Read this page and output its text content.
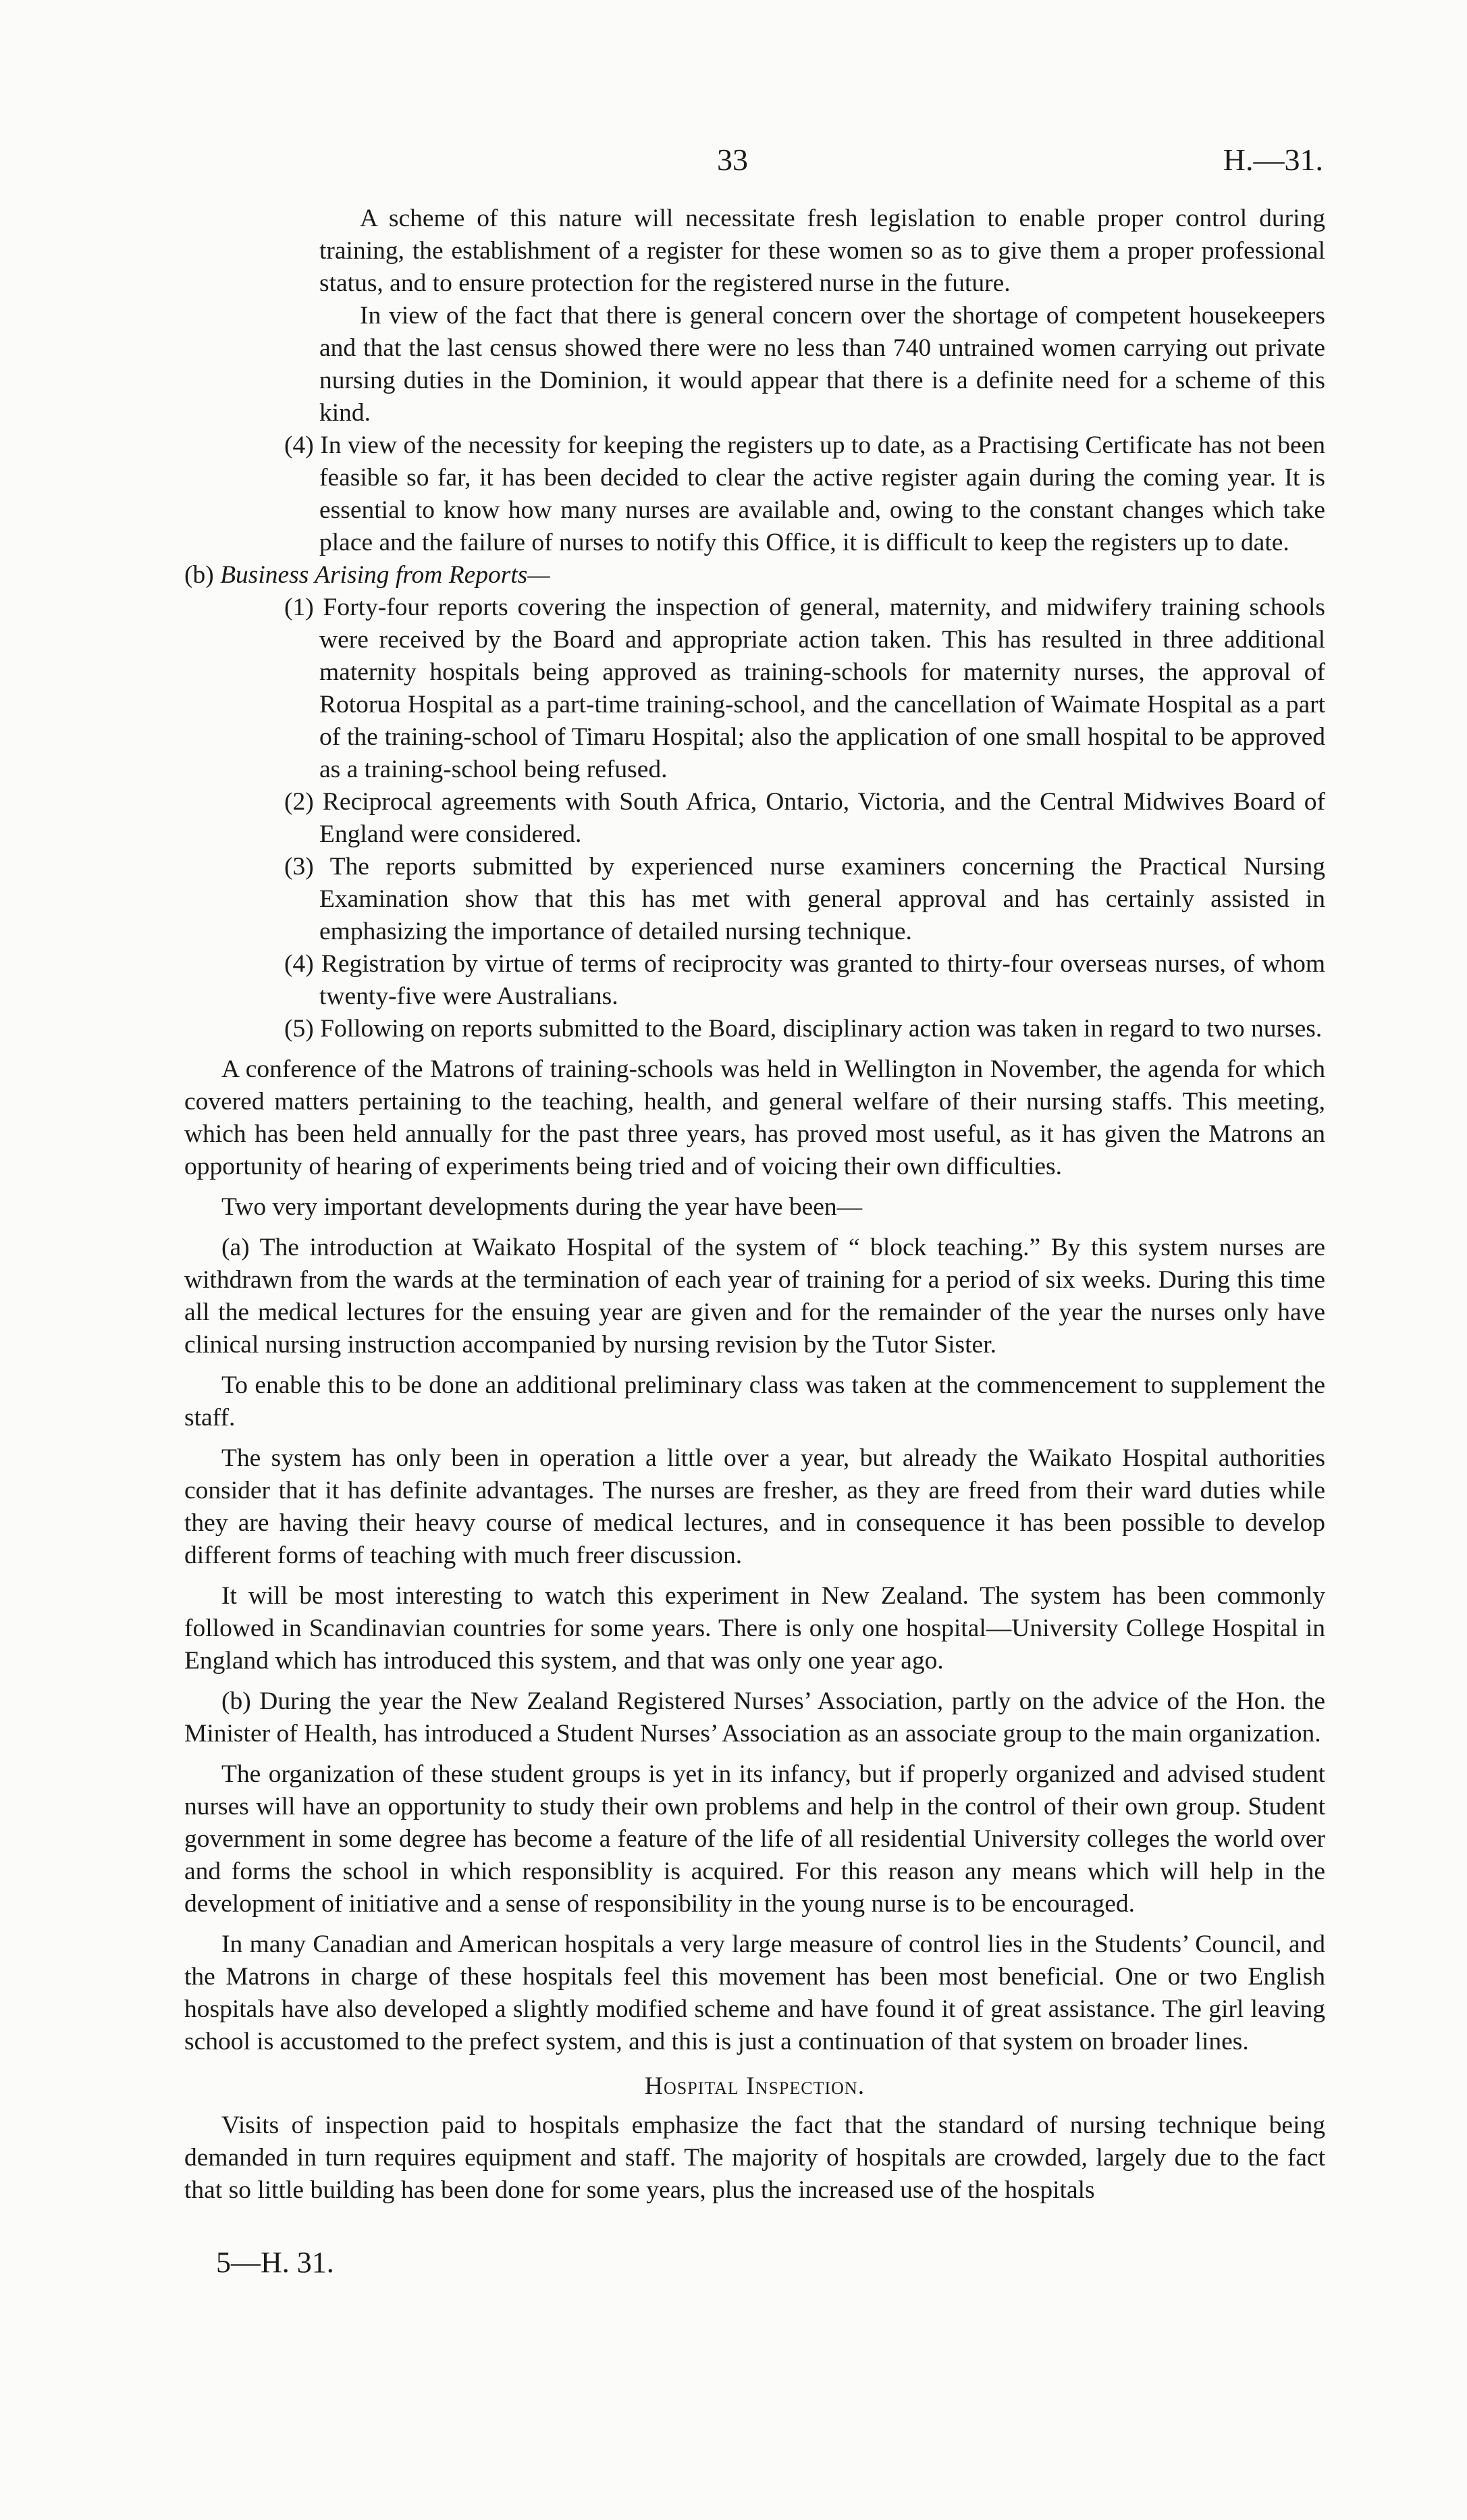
33	H.—31.

A scheme of this nature will necessitate fresh legislation to enable proper control during training, the establishment of a register for these women so as to give them a proper professional status, and to ensure protection for the registered nurse in the future.

In view of the fact that there is general concern over the shortage of competent housekeepers and that the last census showed there were no less than 740 untrained women carrying out private nursing duties in the Dominion, it would appear that there is a definite need for a scheme of this kind.

(4) In view of the necessity for keeping the registers up to date, as a Practising Certificate has not been feasible so far, it has been decided to clear the active register again during the coming year. It is essential to know how many nurses are available and, owing to the constant changes which take place and the failure of nurses to notify this Office, it is difficult to keep the registers up to date.

(b) Business Arising from Reports—

(1) Forty-four reports covering the inspection of general, maternity, and midwifery training schools were received by the Board and appropriate action taken. This has resulted in three additional maternity hospitals being approved as training-schools for maternity nurses, the approval of Rotorua Hospital as a part-time training-school, and the cancellation of Waimate Hospital as a part of the training-school of Timaru Hospital; also the application of one small hospital to be approved as a training-school being refused.

(2) Reciprocal agreements with South Africa, Ontario, Victoria, and the Central Midwives Board of England were considered.

(3) The reports submitted by experienced nurse examiners concerning the Practical Nursing Examination show that this has met with general approval and has certainly assisted in emphasizing the importance of detailed nursing technique.

(4) Registration by virtue of terms of reciprocity was granted to thirty-four overseas nurses, of whom twenty-five were Australians.

(5) Following on reports submitted to the Board, disciplinary action was taken in regard to two nurses.

A conference of the Matrons of training-schools was held in Wellington in November, the agenda for which covered matters pertaining to the teaching, health, and general welfare of their nursing staffs. This meeting, which has been held annually for the past three years, has proved most useful, as it has given the Matrons an opportunity of hearing of experiments being tried and of voicing their own difficulties.

Two very important developments during the year have been—

(a) The introduction at Waikato Hospital of the system of “ block teaching.” By this system nurses are withdrawn from the wards at the termination of each year of training for a period of six weeks. During this time all the medical lectures for the ensuing year are given and for the remainder of the year the nurses only have clinical nursing instruction accompanied by nursing revision by the Tutor Sister.

To enable this to be done an additional preliminary class was taken at the commencement to supplement the staff.

The system has only been in operation a little over a year, but already the Waikato Hospital authorities consider that it has definite advantages. The nurses are fresher, as they are freed from their ward duties while they are having their heavy course of medical lectures, and in consequence it has been possible to develop different forms of teaching with much freer discussion.

It will be most interesting to watch this experiment in New Zealand. The system has been commonly followed in Scandinavian countries for some years. There is only one hospital—University College Hospital in England which has introduced this system, and that was only one year ago.

(b) During the year the New Zealand Registered Nurses’ Association, partly on the advice of the Hon. the Minister of Health, has introduced a Student Nurses’ Association as an associate group to the main organization.

The organization of these student groups is yet in its infancy, but if properly organized and advised student nurses will have an opportunity to study their own problems and help in the control of their own group. Student government in some degree has become a feature of the life of all residential University colleges the world over and forms the school in which responsiblity is acquired. For this reason any means which will help in the development of initiative and a sense of responsibility in the young nurse is to be encouraged.

In many Canadian and American hospitals a very large measure of control lies in the Students’ Council, and the Matrons in charge of these hospitals feel this movement has been most beneficial. One or two English hospitals have also developed a slightly modified scheme and have found it of great assistance. The girl leaving school is accustomed to the prefect system, and this is just a continuation of that system on broader lines.

Hospital Inspection.

Visits of inspection paid to hospitals emphasize the fact that the standard of nursing technique being demanded in turn requires equipment and staff. The majority of hospitals are crowded, largely due to the fact that so little building has been done for some years, plus the increased use of the hospitals

5—H. 31.
